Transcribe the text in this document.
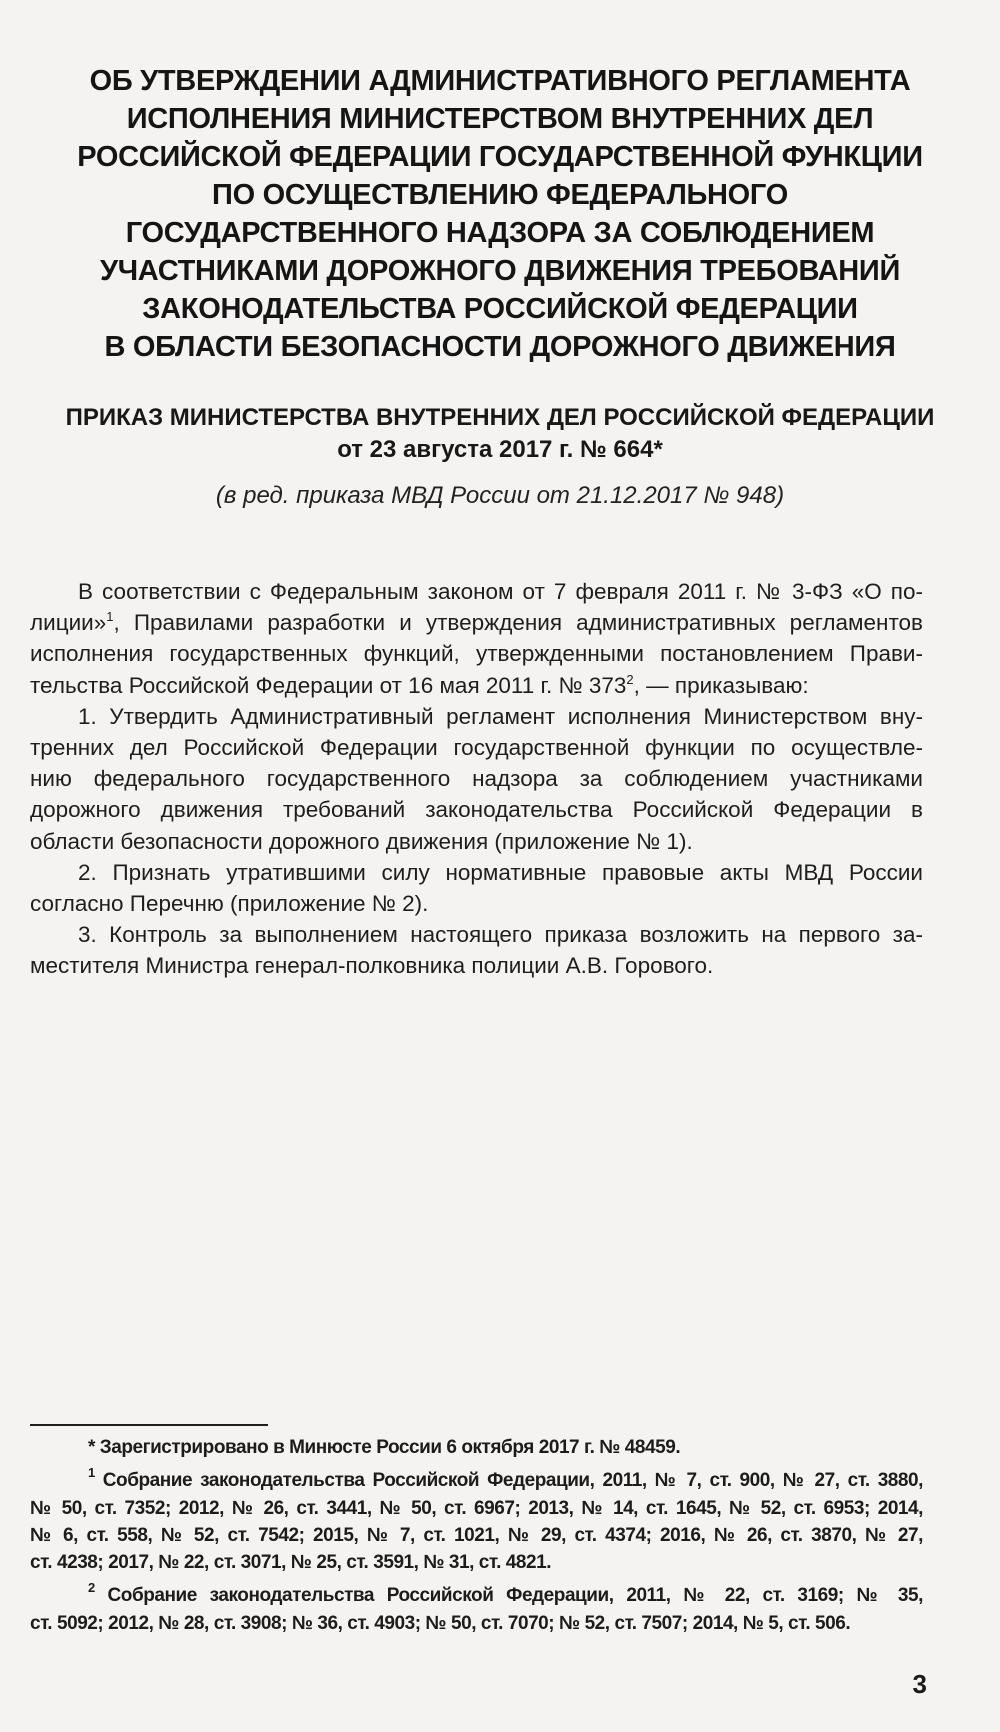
ОБ УТВЕРЖДЕНИИ АДМИНИСТРАТИВНОГО РЕГЛАМЕНТА
ИСПОЛНЕНИЯ МИНИСТЕРСТВОМ ВНУТРЕННИХ ДЕЛ
РОССИЙСКОЙ ФЕДЕРАЦИИ ГОСУДАРСТВЕННОЙ ФУНКЦИИ
ПО ОСУЩЕСТВЛЕНИЮ ФЕДЕРАЛЬНОГО
ГОСУДАРСТВЕННОГО НАДЗОРА ЗА СОБЛЮДЕНИЕМ
УЧАСТНИКАМИ ДОРОЖНОГО ДВИЖЕНИЯ ТРЕБОВАНИЙ
ЗАКОНОДАТЕЛЬСТВА РОССИЙСКОЙ ФЕДЕРАЦИИ
В ОБЛАСТИ БЕЗОПАСНОСТИ ДОРОЖНОГО ДВИЖЕНИЯ
ПРИКАЗ МИНИСТЕРСТВА ВНУТРЕННИХ ДЕЛ РОССИЙСКОЙ ФЕДЕРАЦИИ
от 23 августа 2017 г. № 664*
(в ред. приказа МВД России от 21.12.2017 № 948)
В соответствии с Федеральным законом от 7 февраля 2011 г. № 3-ФЗ «О по-
лиции»$^1$, Правилами разработки и утверждения административных регламентов
исполнения государственных функций, утвержденными постановлением Прави-
тельства Российской Федерации от 16 мая 2011 г. № $373^2$, — приказываю:
1. Утвердить Административный регламент исполнения Министерством вну-
тренних дел Российской Федерации государственной функции по осуществле-
нию федерального государственного надзора за соблюдением участниками
дорожного движения требований законодательства Российской Федерации в
области безопасности дорожного движения (приложение № 1).
2. Признать утратившими силу нормативные правовые акты МВД России
согласно Перечню (приложение № 2).
3. Контроль за выполнением настоящего приказа возложить на первого за-
местителя Министра генерал-полковника полиции А.В. Горового.
* Зарегистрировано в Минюсте России 6 октября 2017 г. № 48459.
$^1$ Собрание законодательства Российской Федерации, 2011, № 7, ст. 900, № 27, ст. 3880,
№ 50, ст. 7352; 2012, № 26, ст. 3441, № 50, ст. 6967; 2013, № 14, ст. 1645, № 52, ст. 6953; 2014,
№ 6, ст. 558, № 52, ст. 7542; 2015, № 7, ст. 1021, № 29, ст. 4374; 2016, № 26, ст. 3870, № 27,
ст. 4238; 2017, № 22, ст. 3071, № 25, ст. 3591, № 31, ст. 4821.
$^2$ Собрание законодательства Российской Федерации, 2011, № 22, ст. 3169; № 35,
ст. 5092; 2012, № 28, ст. 3908; № 36, ст. 4903; № 50, ст. 7070; № 52, ст. 7507; 2014, № 5, ст. 506.
3
